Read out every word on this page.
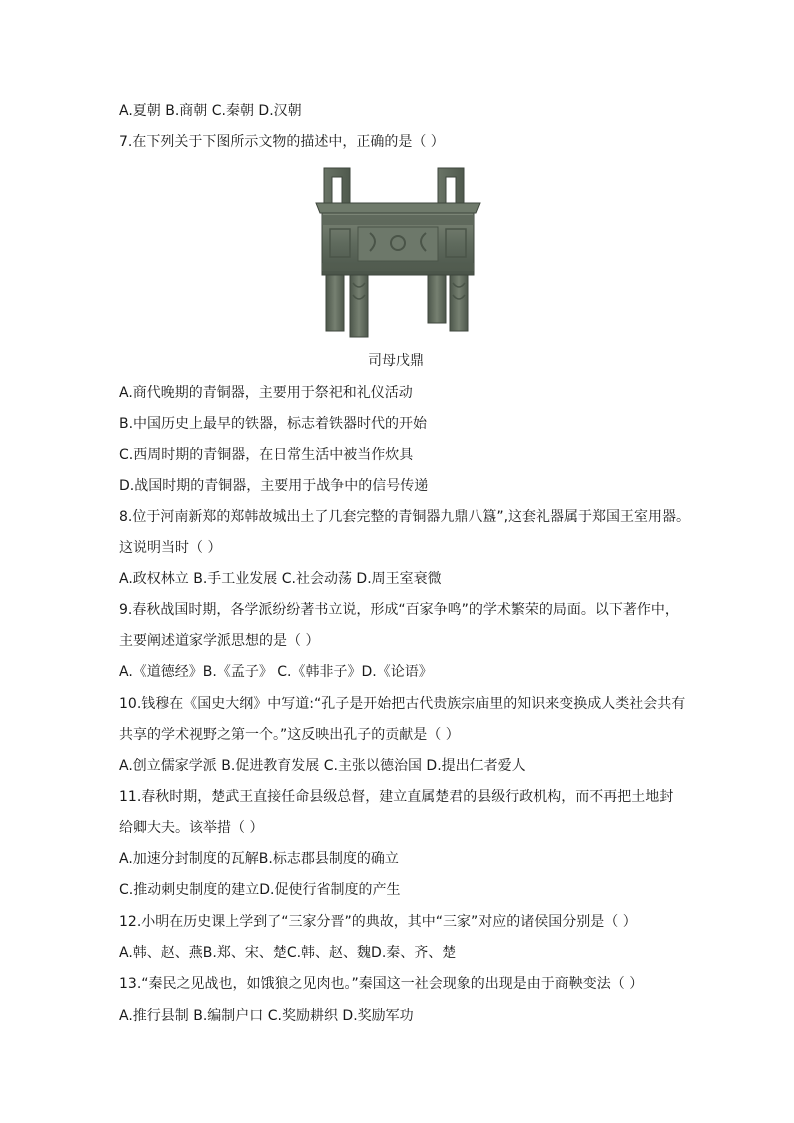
A.夏朝 B.商朝 C.秦朝 D.汉朝
7.在下列关于下图所示文物的描述中，正确的是（ ）
司母戊鼎
A.商代晚期的青铜器，主要用于祭祀和礼仪活动
B.中国历史上最早的铁器，标志着铁器时代的开始
C.西周时期的青铜器，在日常生活中被当作炊具
D.战国时期的青铜器，主要用于战争中的信号传递
8.位于河南新郑的郑韩故城出土了几套完整的青铜器九鼎八簋”,这套礼器属于郑国王室用器。
这说明当时（ ）
A.政权林立 B.手工业发展 C.社会动荡 D.周王室衰微
9.春秋战国时期，各学派纷纷著书立说，形成“百家争鸣”的学术繁荣的局面。以下著作中，
主要阐述道家学派思想的是（ ）
A.《道德经》B.《孟子》 C.《韩非子》D.《论语》
10.钱穆在《国史大纲》中写道:“孔子是开始把古代贵族宗庙里的知识来变换成人类社会共有
共享的学术视野之第一个。”这反映出孔子的贡献是（ ）
A.创立儒家学派 B.促进教育发展 C.主张以德治国 D.提出仁者爱人
11.春秋时期，楚武王直接任命县级总督，建立直属楚君的县级行政机构，而不再把土地封
给卿大夫。该举措（ ）
A.加速分封制度的瓦解B.标志郡县制度的确立
C.推动刺史制度的建立D.促使行省制度的产生
12.小明在历史课上学到了“三家分晋”的典故，其中“三家”对应的诸侯国分别是（ ）
A.韩、赵、燕B.郑、宋、楚C.韩、赵、魏D.秦、齐、楚
13.“秦民之见战也，如饿狼之见肉也。”秦国这一社会现象的出现是由于商鞅变法（ ）
A.推行县制 B.编制户口 C.奖励耕织 D.奖励军功
